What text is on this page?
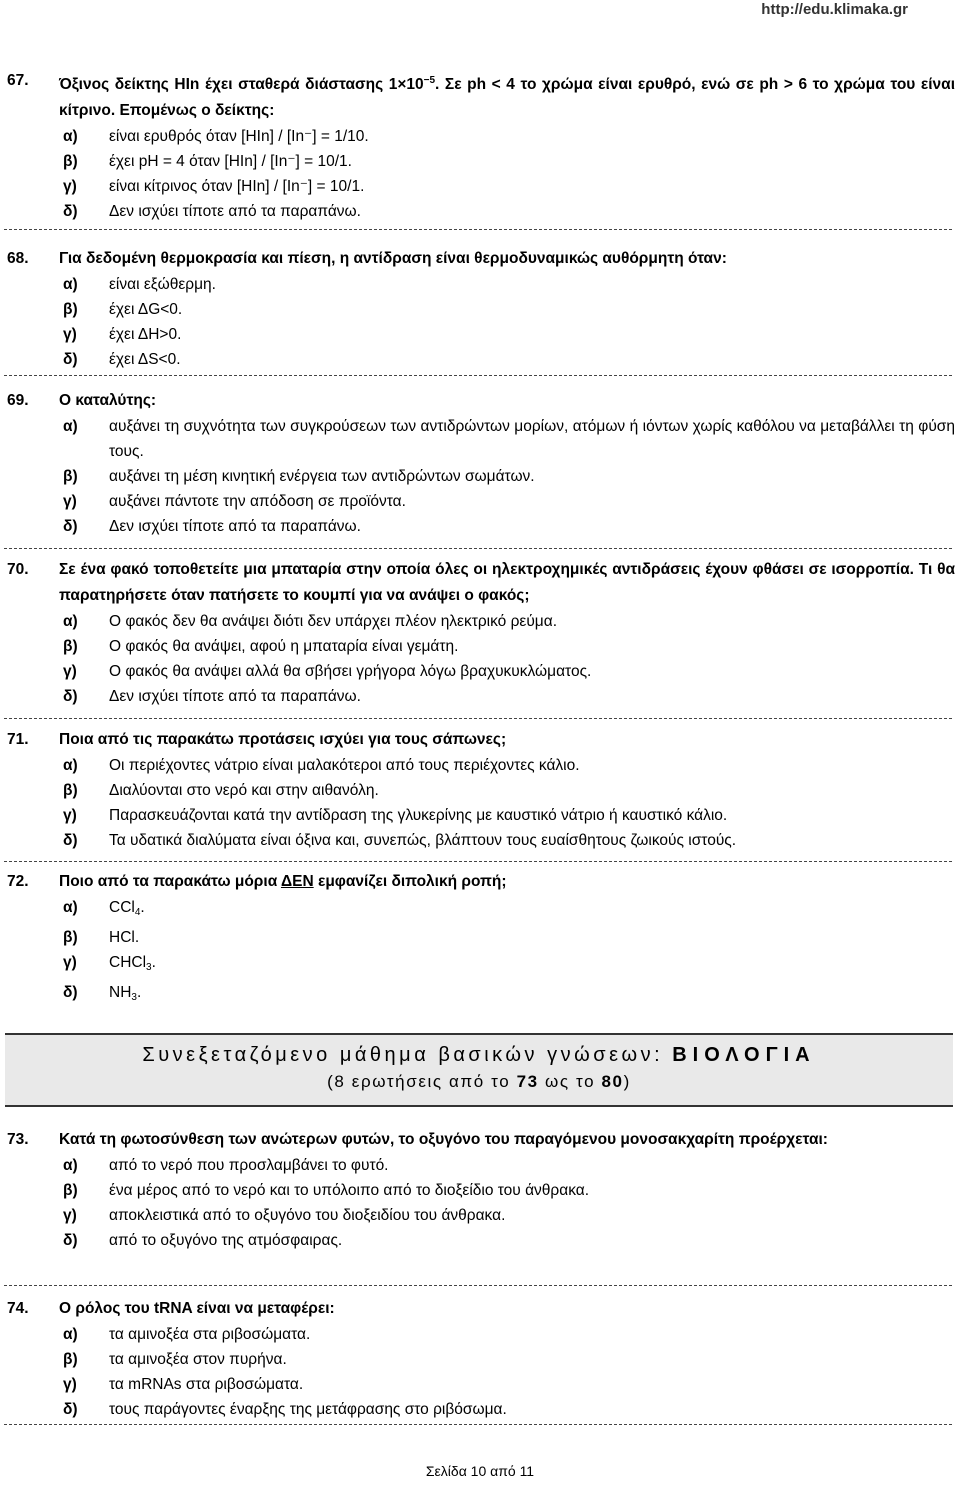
http://edu.klimaka.gr
67.	Όξινος δείκτης HIn έχει σταθερά διάστασης $1\times 10^{-5}$. Σε ph < 4 το χρώμα είναι ερυθρό, ενώ σε ph > 6 το χρώμα του είναι κίτρινο. Επομένως ο δείκτης:
α)	είναι ερυθρός όταν [HIn] / [In⁻] = 1/10.
β)	έχει pH = 4 όταν [HIn] / [In⁻] = 10/1.
γ)	είναι κίτρινος όταν [HIn] / [In⁻] = 10/1.
δ)	Δεν ισχύει τίποτε από τα παραπάνω.
68.	Για δεδομένη θερμοκρασία και πίεση, η αντίδραση είναι θερμοδυναμικώς αυθόρμητη όταν:
α)	είναι εξώθερμη.
β)	έχει ΔG<0.
γ)	έχει ΔH>0.
δ)	έχει ΔS<0.
69.	Ο καταλύτης:
α)	αυξάνει τη συχνότητα των συγκρούσεων των αντιδρώντων μορίων, ατόμων ή ιόντων χωρίς καθόλου να μεταβάλλει τη φύση τους.
β)	αυξάνει τη μέση κινητική ενέργεια των αντιδρώντων σωμάτων.
γ)	αυξάνει πάντοτε την απόδοση σε προϊόντα.
δ)	Δεν ισχύει τίποτε από τα παραπάνω.
70.	Σε ένα φακό τοποθετείτε μια μπαταρία στην οποία όλες οι ηλεκτροχημικές αντιδράσεις έχουν φθάσει σε ισορροπία. Τι θα παρατηρήσετε όταν πατήσετε το κουμπί για να ανάψει ο φακός;
α)	Ο φακός δεν θα ανάψει διότι δεν υπάρχει πλέον ηλεκτρικό ρεύμα.
β)	Ο φακός θα ανάψει, αφού η μπαταρία είναι γεμάτη.
γ)	Ο φακός θα ανάψει αλλά θα σβήσει γρήγορα λόγω βραχυκυκλώματος.
δ)	Δεν ισχύει τίποτε από τα παραπάνω.
71.	Ποια από τις παρακάτω προτάσεις ισχύει για τους σάπωνες;
α)	Οι περιέχοντες νάτριο είναι μαλακότεροι από τους περιέχοντες κάλιο.
β)	Διαλύονται στο νερό και στην αιθανόλη.
γ)	Παρασκευάζονται κατά την αντίδραση της γλυκερίνης με καυστικό νάτριο ή καυστικό κάλιο.
δ)	Τα υδατικά διαλύματα είναι όξινα και, συνεπώς, βλάπτουν τους ευαίσθητους ζωικούς ιστούς.
72.	Ποιο από τα παρακάτω μόρια ΔΕΝ εμφανίζει διπολική ροπή;
α)	CCl$_4$.
β)	HCl.
γ)	CHCl$_3$.
δ)	$NH_3$.
Συνεξεταζόμενο μάθημα βασικών γνώσεων: ΒΙΟΛΟΓΙΑ
(8 ερωτήσεις από το 73 ως το 80)
73.	Κατά τη φωτοσύνθεση των ανώτερων φυτών, το οξυγόνο του παραγόμενου μονοσακχαρίτη προέρχεται:
α)	από το νερό που προσλαμβάνει το φυτό.
β)	ένα μέρος από το νερό και το υπόλοιπο από το διοξείδιο του άνθρακα.
γ)	αποκλειστικά από το οξυγόνο του διοξειδίου του άνθρακα.
δ)	από το οξυγόνο της ατμόσφαιρας.
74.	Ο ρόλος του tRNA είναι να μεταφέρει:
α)	τα αμινοξέα στα ριβοσώματα.
β)	τα αμινοξέα στον πυρήνα.
γ)	τα mRNAs στα ριβοσώματα.
δ)	τους παράγοντες έναρξης της μετάφρασης στο ριβόσωμα.
Σελίδα 10 από 11
